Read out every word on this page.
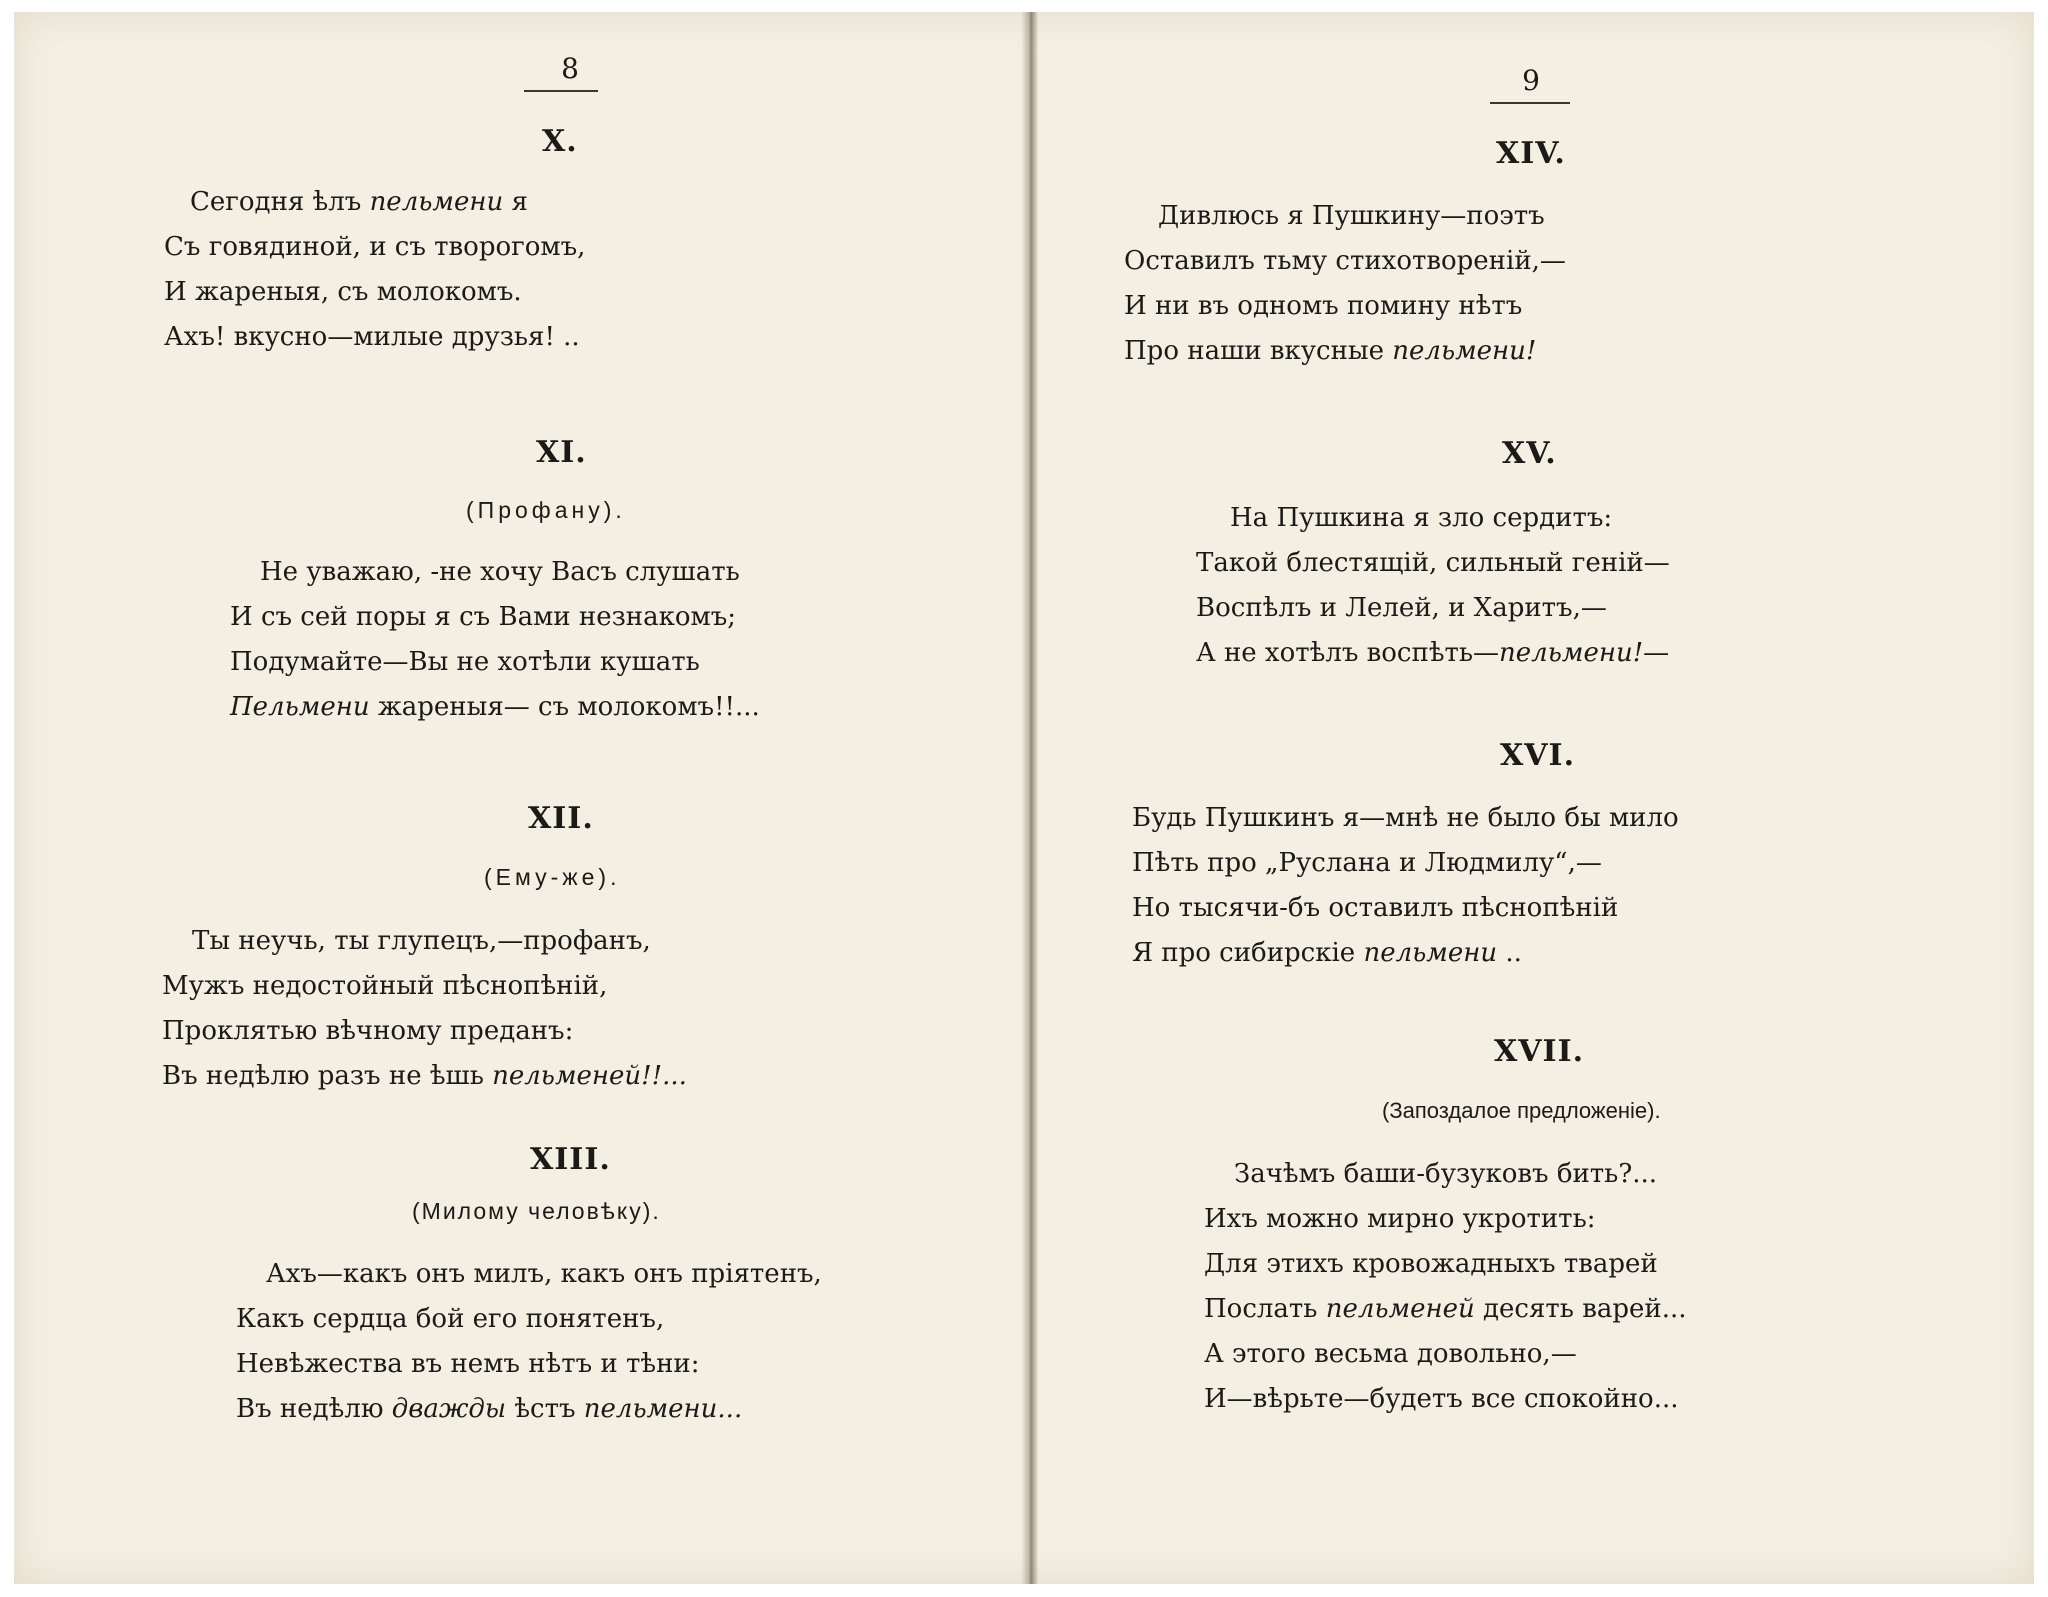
8
X.
Сегодня ѣлъ пельмени я
Съ говядиной, и съ творогомъ,
И жареныя, съ молокомъ.
Ахъ! вкусно—милые друзья! ..
XI.
(Профану).
Не уважаю, -не хочу Васъ слушать
И съ сей поры я съ Вами незнакомъ;
Подумайте—Вы не хотѣли кушать
Пельмени жареныя— съ молокомъ!!...
XII.
(Ему-же).
Ты неучь, ты глупецъ,—профанъ,
Мужъ недостойный пѣснопѣній,
Проклятью вѣчному преданъ:
Въ недѣлю разъ не ѣшь пельменей!!...
XIII.
(Милому человѣку).
Ахъ—какъ онъ милъ, какъ онъ пріятенъ,
Какъ сердца бой его понятенъ,
Невѣжества въ немъ нѣтъ и тѣни:
Въ недѣлю дважды ѣстъ пельмени...
9
XIV.
Дивлюсь я Пушкину—поэтъ
Оставилъ тьму стихотвореній,—
И ни въ одномъ помину нѣтъ
Про наши вкусные пельмени!
XV.
На Пушкина я зло сердитъ:
Такой блестящій, сильный геній—
Воспѣлъ и Лелей, и Харитъ,—
А не хотѣлъ воспѣть—пельмени!—
XVI.
Будь Пушкинъ я—мнѣ не было бы мило
Пѣть про „Руслана и Людмилу“,—
Но тысячи-бъ оставилъ пѣснопѣній
Я про сибирскіе пельмени ..
XVII.
(Запоздалое предложеніе).
Зачѣмъ баши-бузуковъ бить?...
Ихъ можно мирно укротить:
Для этихъ кровожадныхъ тварей
Послать пельменей десять варей...
А этого весьма довольно,—
И—вѣрьте—будетъ все спокойно...
